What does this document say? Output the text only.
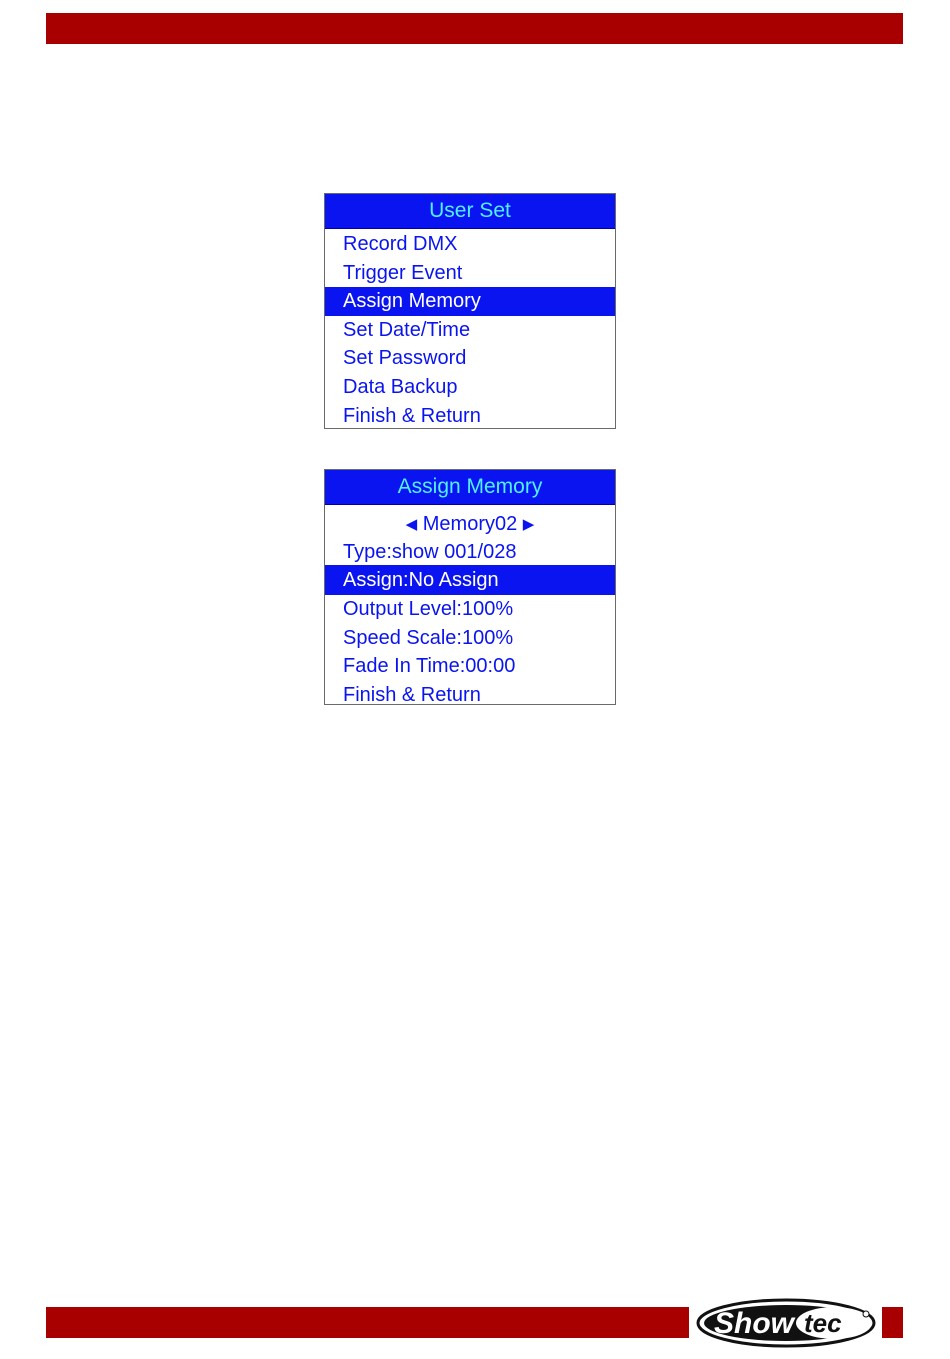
User Set
Record DMX
Trigger Event
Assign Memory
Set Date/Time
Set Password
Data Backup
Finish & Return
Assign Memory
◀ Memory02 ▶
Type:show 001/028
Assign:No Assign
Output Level:100%
Speed Scale:100%
Fade In Time:00:00
Finish & Return
Show tec
